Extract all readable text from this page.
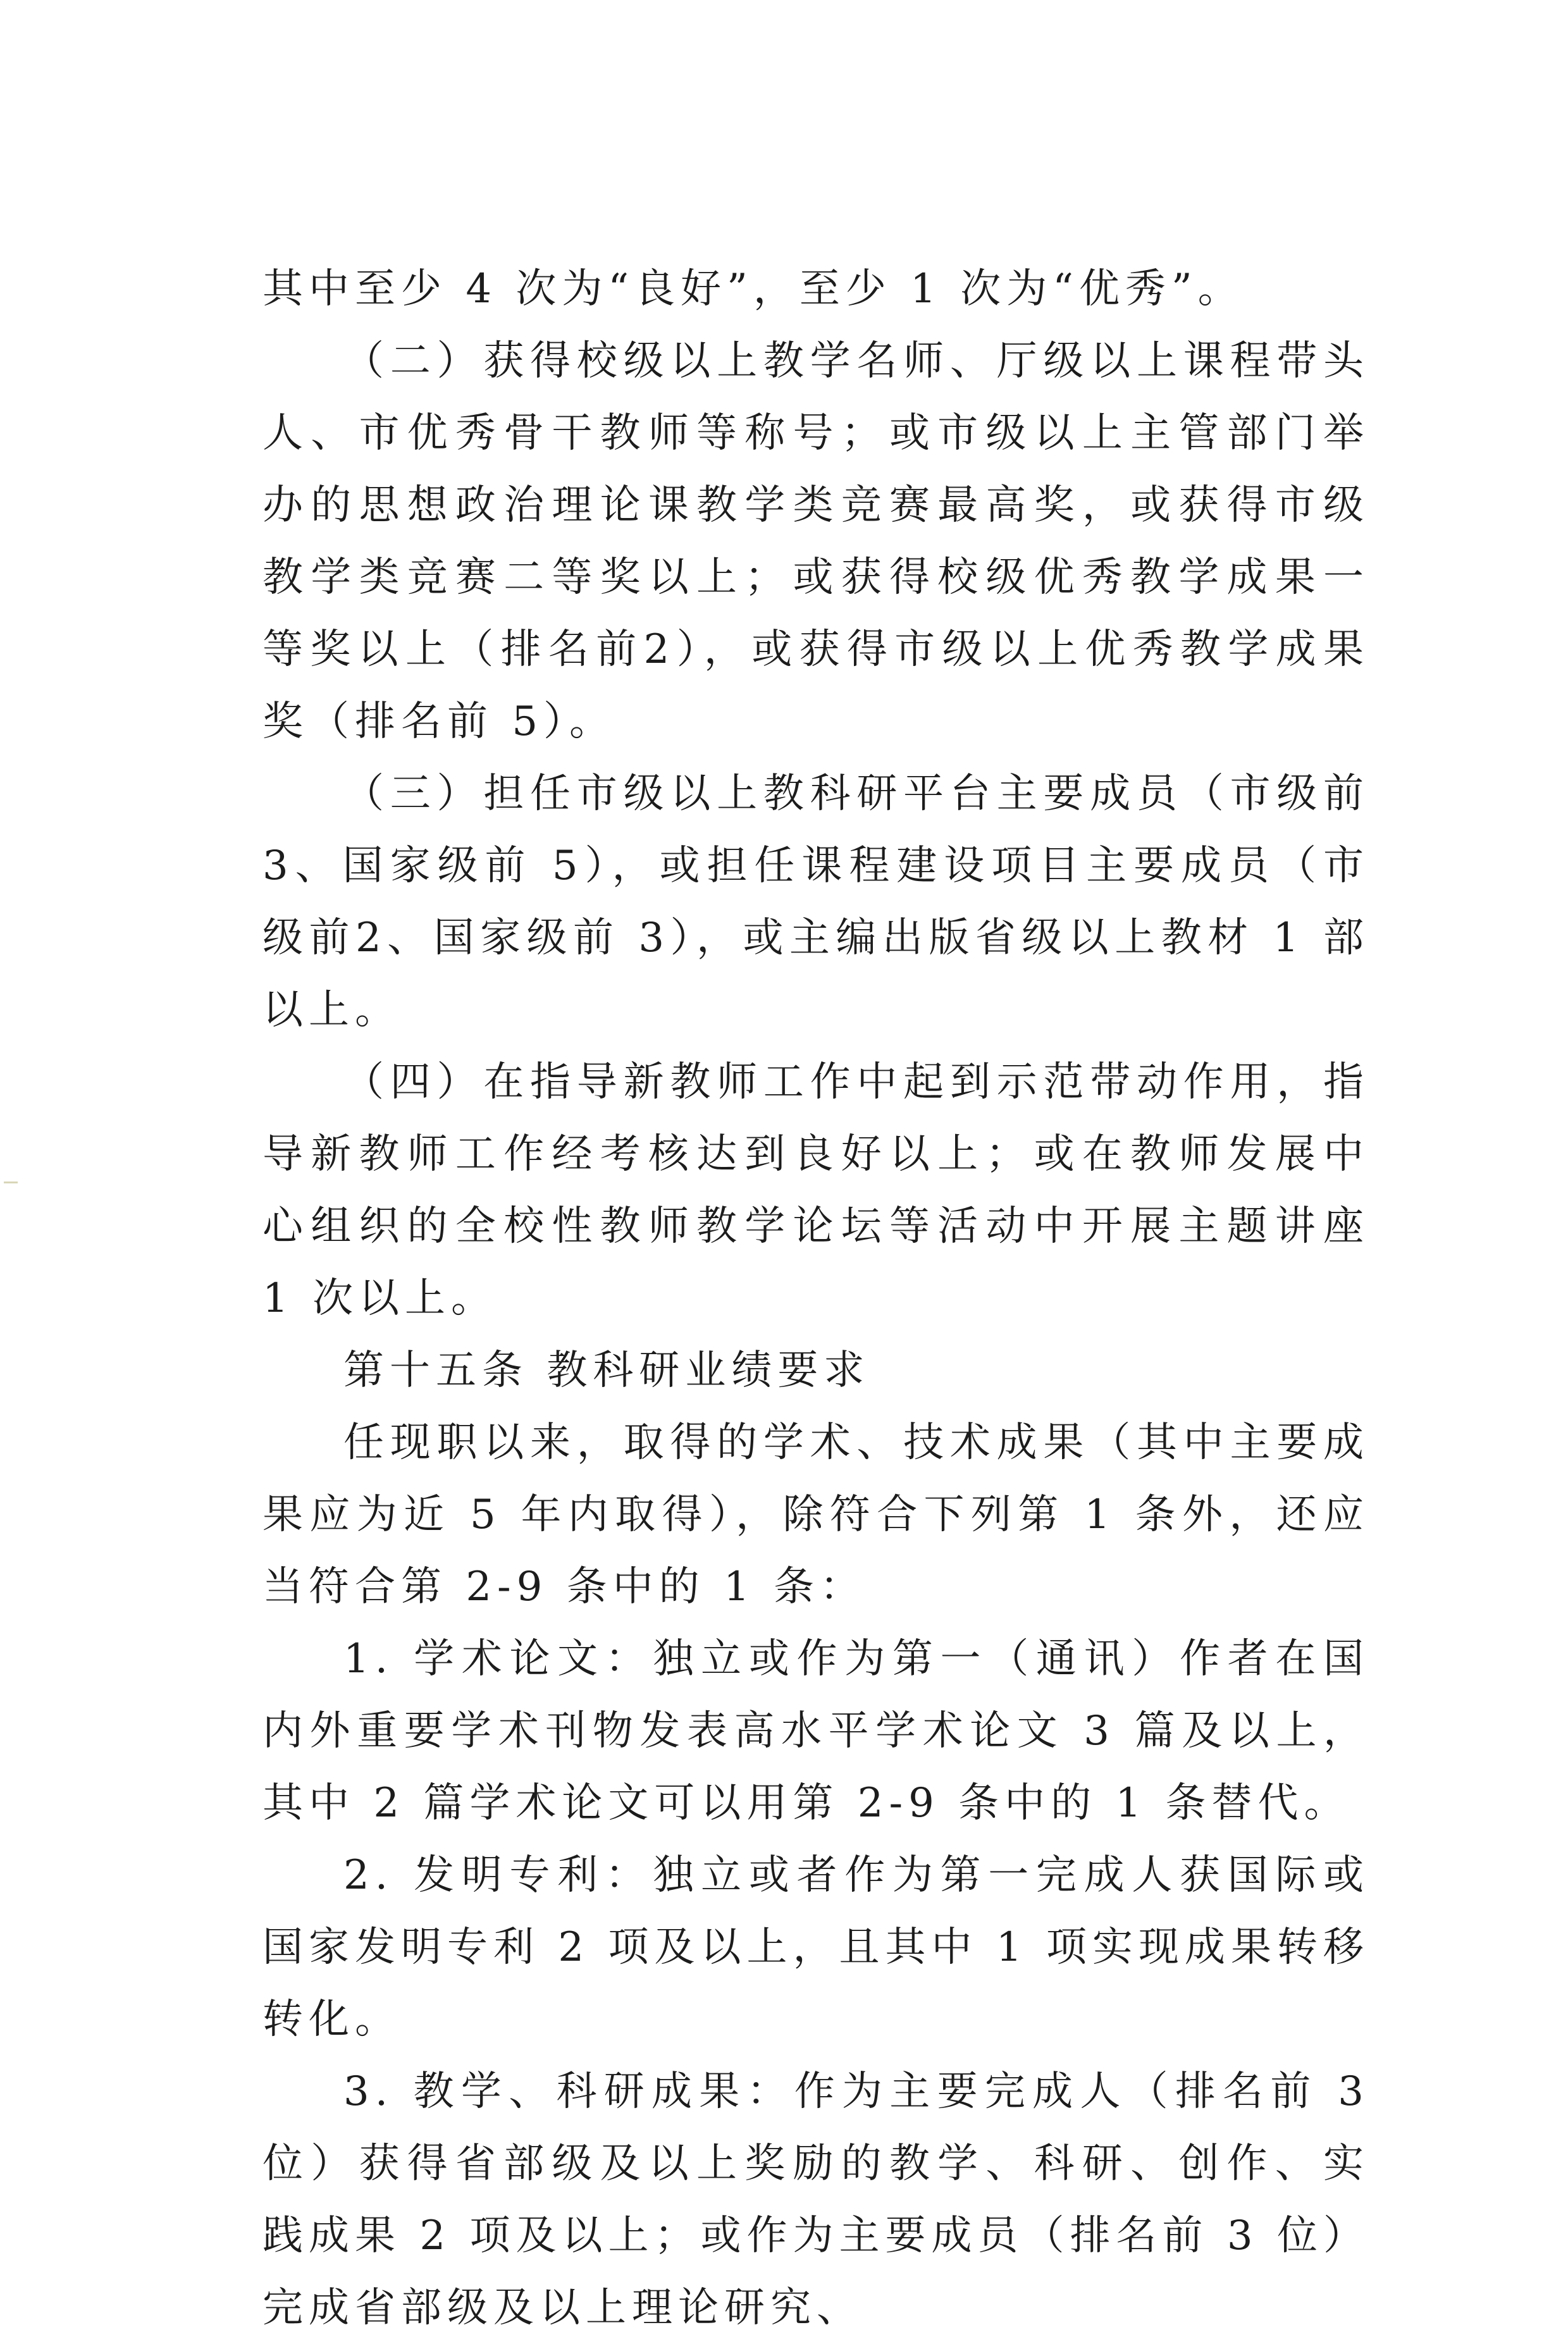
其中至少 4 次为“良好”，至少 1 次为“优秀”。

（二）获得校级以上教学名师、厅级以上课程带头人、市优秀骨干教师等称号；或市级以上主管部门举办的思想政治理论课教学类竞赛最高奖，或获得市级教学类竞赛二等奖以上；或获得校级优秀教学成果一等奖以上（排名前2），或获得市级以上优秀教学成果奖（排名前 5）。

（三）担任市级以上教科研平台主要成员（市级前 3、国家级前 5），或担任课程建设项目主要成员（市级前2、国家级前 3），或主编出版省级以上教材 1 部以上。

（四）在指导新教师工作中起到示范带动作用，指导新教师工作经考核达到良好以上；或在教师发展中心组织的全校性教师教学论坛等活动中开展主题讲座 1 次以上。

第十五条 教科研业绩要求

任现职以来，取得的学术、技术成果（其中主要成果应为近 5 年内取得），除符合下列第 1 条外，还应当符合第 2-9 条中的 1 条：

1. 学术论文：独立或作为第一（通讯）作者在国内外重要学术刊物发表高水平学术论文 3 篇及以上，其中 2 篇学术论文可以用第 2-9 条中的 1 条替代。

2. 发明专利：独立或者作为第一完成人获国际或国家发明专利 2 项及以上，且其中 1 项实现成果转移转化。

3. 教学、科研成果：作为主要完成人（排名前 3 位）获得省部级及以上奖励的教学、科研、创作、实践成果 2 项及以上；或作为主要成员（排名前 3 位）完成省部级及以上理论研究、
